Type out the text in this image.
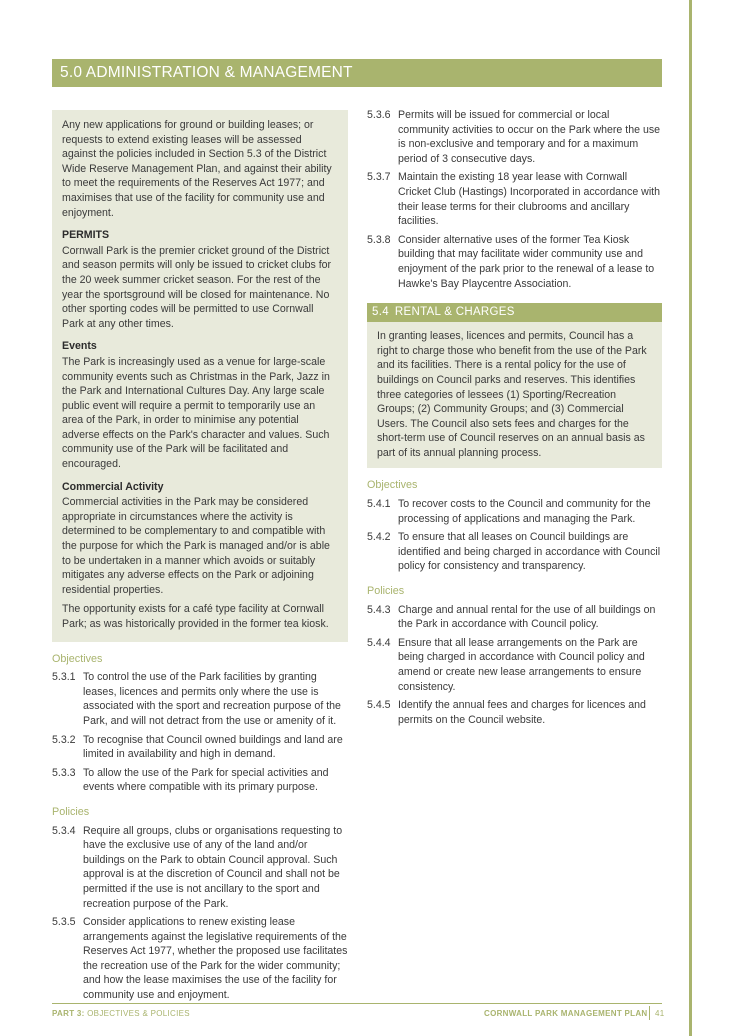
5.0 ADMINISTRATION & MANAGEMENT

Any new applications for ground or building leases; or requests to extend existing leases will be assessed against the policies included in Section 5.3 of the District Wide Reserve Management Plan, and against their ability to meet the requirements of the Reserves Act 1977; and maximises that use of the facility for community use and enjoyment.

PERMITS

Cornwall Park is the premier cricket ground of the District and season permits will only be issued to cricket clubs for the 20 week summer cricket season. For the rest of the year the sportsground will be closed for maintenance. No other sporting codes will be permitted to use Cornwall Park at any other times.

Events

The Park is increasingly used as a venue for large-scale community events such as Christmas in the Park, Jazz in the Park and International Cultures Day. Any large scale public event will require a permit to temporarily use an area of the Park, in order to minimise any potential adverse effects on the Park's character and values. Such community use of the Park will be facilitated and encouraged.

Commercial Activity

Commercial activities in the Park may be considered appropriate in circumstances where the activity is determined to be complementary to and compatible with the purpose for which the Park is managed and/or is able to be undertaken in a manner which avoids or suitably mitigates any adverse effects on the Park or adjoining residential properties.

The opportunity exists for a café type facility at Cornwall Park; as was historically provided in the former tea kiosk.

Objectives
5.3.1 To control the use of the Park facilities by granting leases, licences and permits only where the use is associated with the sport and recreation purpose of the Park, and will not detract from the use or amenity of it.
5.3.2 To recognise that Council owned buildings and land are limited in availability and high in demand.
5.3.3 To allow the use of the Park for special activities and events where compatible with its primary purpose.
Policies
5.3.4 Require all groups, clubs or organisations requesting to have the exclusive use of any of the land and/or buildings on the Park to obtain Council approval. Such approval is at the discretion of Council and shall not be permitted if the use is not ancillary to the sport and recreation purpose of the Park.
5.3.5 Consider applications to renew existing lease arrangements against the legislative requirements of the Reserves Act 1977, whether the proposed use facilitates the recreation use of the Park for the wider community; and how the lease maximises the use of the facility for community use and enjoyment.
5.3.6 Permits will be issued for commercial or local community activities to occur on the Park where the use is non-exclusive and temporary and for a maximum period of 3 consecutive days.
5.3.7 Maintain the existing 18 year lease with Cornwall Cricket Club (Hastings) Incorporated in accordance with their lease terms for their clubrooms and ancillary facilities.
5.3.8 Consider alternative uses of the former Tea Kiosk building that may facilitate wider community use and enjoyment of the park prior to the renewal of a lease to Hawke's Bay Playcentre Association.
5.4 RENTAL & CHARGES
In granting leases, licences and permits, Council has a right to charge those who benefit from the use of the Park and its facilities. There is a rental policy for the use of buildings on Council parks and reserves. This identifies three categories of lessees (1) Sporting/Recreation Groups; (2) Community Groups; and (3) Commercial Users. The Council also sets fees and charges for the short-term use of Council reserves on an annual basis as part of its annual planning process.
Objectives
5.4.1 To recover costs to the Council and community for the processing of applications and managing the Park.
5.4.2 To ensure that all leases on Council buildings are identified and being charged in accordance with Council policy for consistency and transparency.
Policies
5.4.3 Charge and annual rental for the use of all buildings on the Park in accordance with Council policy.
5.4.4 Ensure that all lease arrangements on the Park are being charged in accordance with Council policy and amend or create new lease arrangements to ensure consistency.
5.4.5 Identify the annual fees and charges for licences and permits on the Council website.
PART 3: OBJECTIVES & POLICIES	CORNWALL PARK MANAGEMENT PLAN 41
